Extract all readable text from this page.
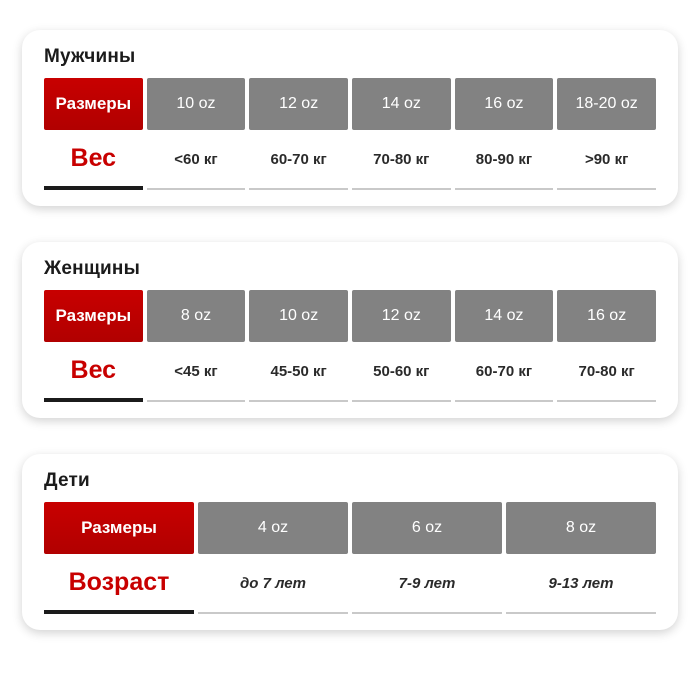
Мужчины
Размеры	10 oz	12 oz	14 oz	16 oz	18-20 oz
Вес	<60 кг	60-70 кг	70-80 кг	80-90 кг	>90 кг
Женщины
Размеры	8 oz	10 oz	12 oz	14 oz	16 oz
Вес	<45 кг	45-50 кг	50-60 кг	60-70 кг	70-80 кг
Дети
Размеры	4 oz	6 oz	8 oz
Возраст	до 7 лет	7-9 лет	9-13 лет
